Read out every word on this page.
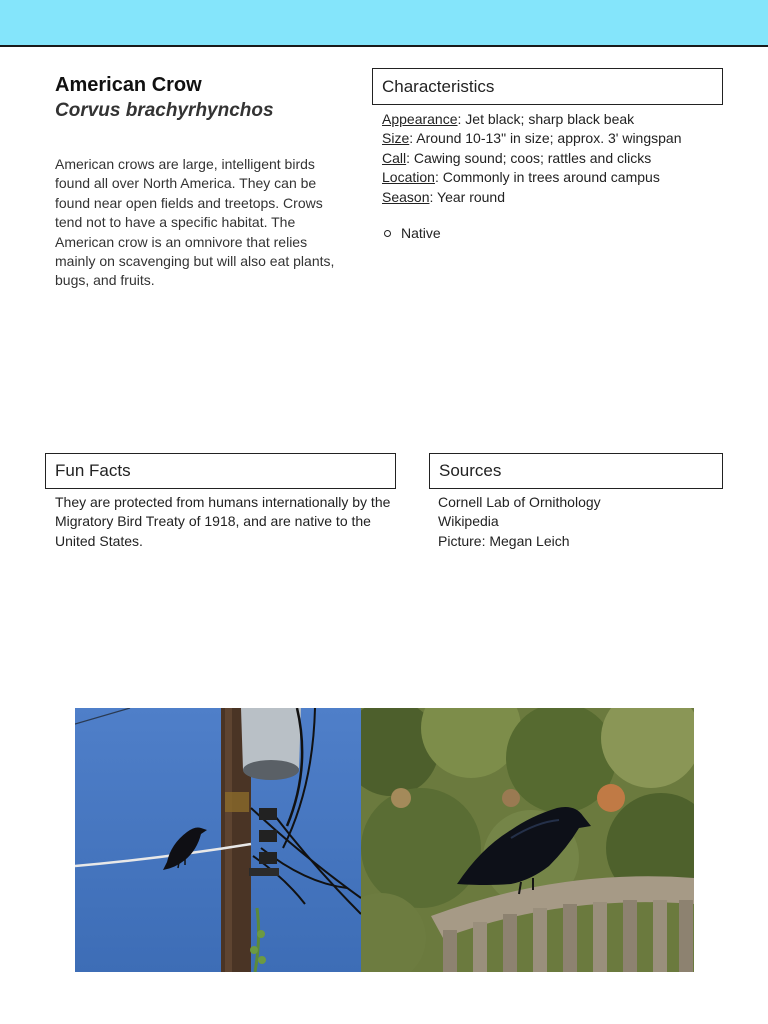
American Crow
Corvus brachyrhynchos

American crows are large, intelligent birds found all over North America. They can be found near open fields and treetops. Crows tend not to have a specific habitat. The American crow is an omnivore that relies mainly on scavenging but will also eat plants, bugs, and fruits.

Characteristics
Appearance: Jet black; sharp black beak
Size: Around 10-13" in size; approx. 3' wingspan
Call: Cawing sound; coos; rattles and clicks
Location: Commonly in trees around campus
Season: Year round
Native
Fun Facts

They are protected from humans internationally by the Migratory Bird Treaty of 1918, and are native to the United States.

Sources
Cornell Lab of Ornithology
Wikipedia
Picture: Megan Leich
